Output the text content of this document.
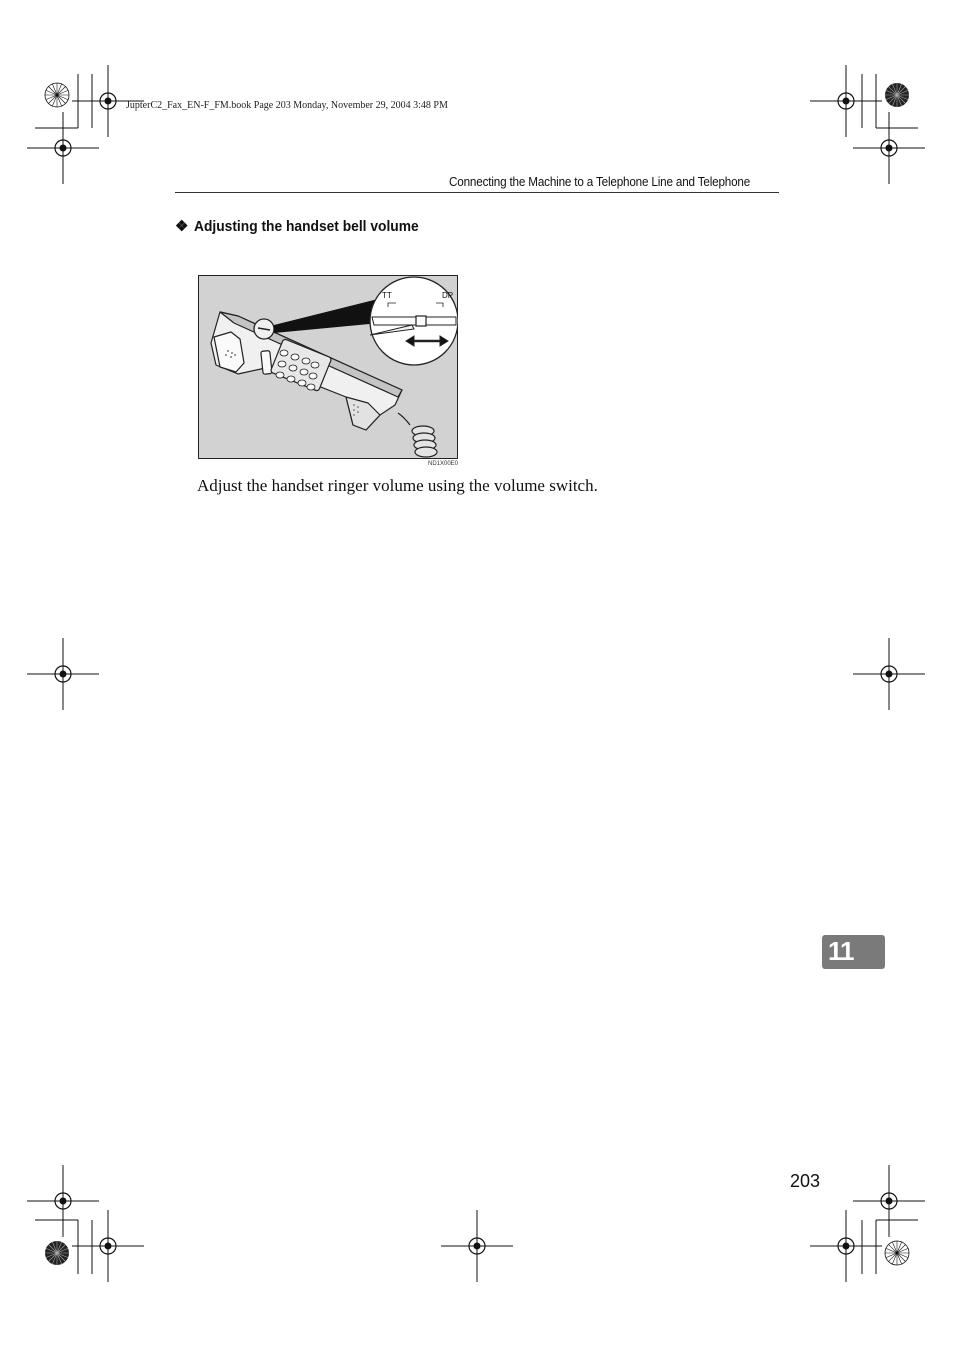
JupterC2_Fax_EN-F_FM.book Page 203 Monday, November 29, 2004 3:48 PM
Connecting the Machine to a Telephone Line and Telephone
❖ Adjusting the handset bell volume
TT	DP
ND1X00E0
Adjust the handset ringer volume using the volume switch.
11
203
